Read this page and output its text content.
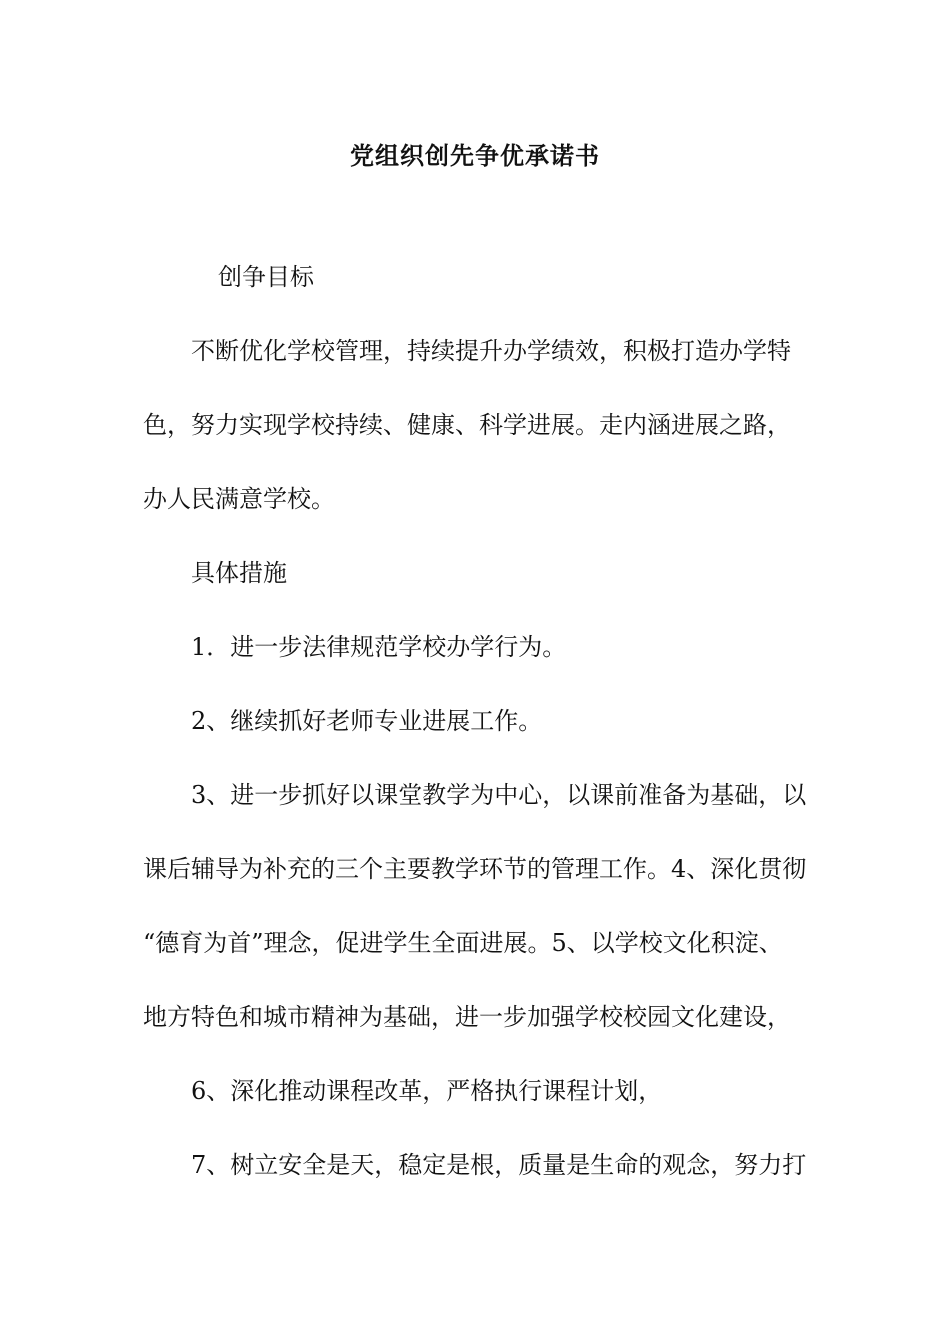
党组织创先争优承诺书
创争目标
不断优化学校管理，持续提升办学绩效，积极打造办学特
色，努力实现学校持续、健康、科学进展。走内涵进展之路，
办人民满意学校。
具体措施
1．进一步法律规范学校办学行为。
2、继续抓好老师专业进展工作。
3、进一步抓好以课堂教学为中心，以课前准备为基础，以
课后辅导为补充的三个主要教学环节的管理工作。4、深化贯彻
“德育为首”理念，促进学生全面进展。5、以学校文化积淀、
地方特色和城市精神为基础，进一步加强学校校园文化建设，
6、深化推动课程改革，严格执行课程计划，
7、树立安全是天，稳定是根，质量是生命的观念，努力打
